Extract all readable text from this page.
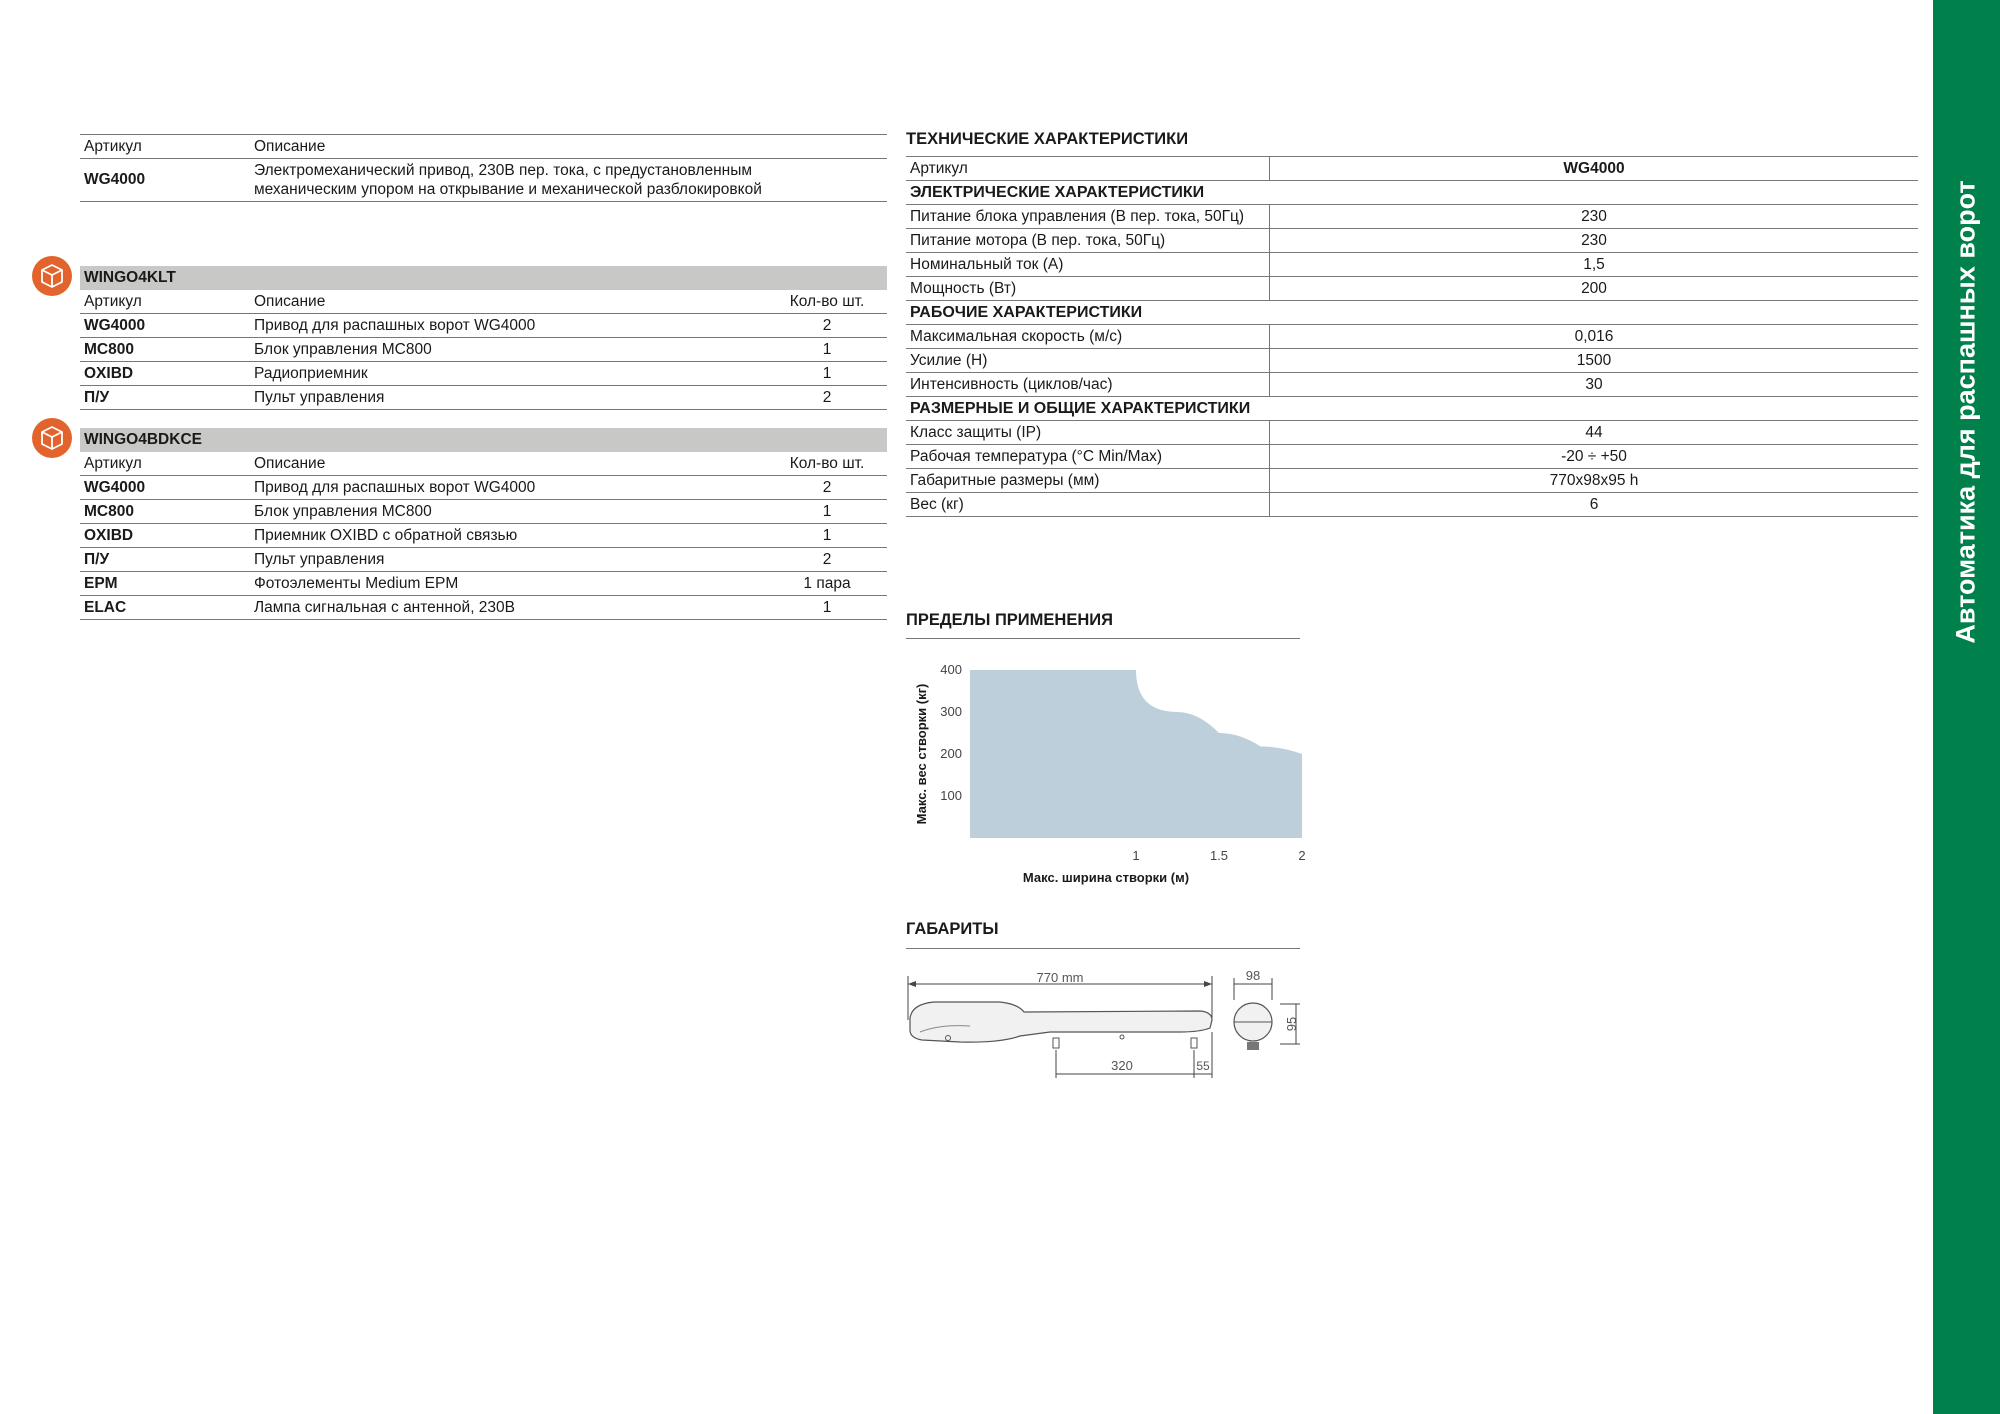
Артикул	Описание
WG4000	Электромеханический привод, 230В пер. тока, с предустановленным
механическим упором на открывание и механической разблокировкой
WINGO4KLT		
Артикул	Описание	Кол-во шт.
WG4000	Привод для распашных ворот WG4000	2
MC800	Блок управления MC800	1
OXIBD	Радиоприемник	1
П/У	Пульт управления	2
WINGO4BDKCE		
Артикул	Описание	Кол-во шт.
WG4000	Привод для распашных ворот WG4000	2
MC800	Блок управления MC800	1
OXIBD	Приемник OXIBD с обратной связью	1
П/У	Пульт управления	2
EPM	Фотоэлементы Medium EPM	1 пара
ELAC	Лампа сигнальная с антенной, 230В	1
ТЕХНИЧЕСКИЕ ХАРАКТЕРИСТИКИ
Артикул	WG4000
ЭЛЕКТРИЧЕСКИЕ ХАРАКТЕРИСТИКИ	
Питание блока управления (В пер. тока, 50Гц)	230
Питание мотора (В пер. тока, 50Гц)	230
Номинальный ток (А)	1,5
Мощность (Вт)	200
РАБОЧИЕ ХАРАКТЕРИСТИКИ	
Максимальная скорость (м/с)	0,016
Усилие (Н)	1500
Интенсивность (циклов/час)	30
РАЗМЕРНЫЕ И ОБЩИЕ ХАРАКТЕРИСТИКИ	
Класс защиты (IP)	44
Рабочая температура (°C Min/Max)	-20 ÷ +50
Габаритные размеры (мм)	770x98x95 h
Вес (кг)	6
ПРЕДЕЛЫ ПРИМЕНЕНИЯ
100
200
300
400
1	1.5	2
Макс. ширина створки (м)
Макс. вес створки (кг)
ГАБАРИТЫ
770 mm
320	55
98
95
Автоматика для распашных ворот
